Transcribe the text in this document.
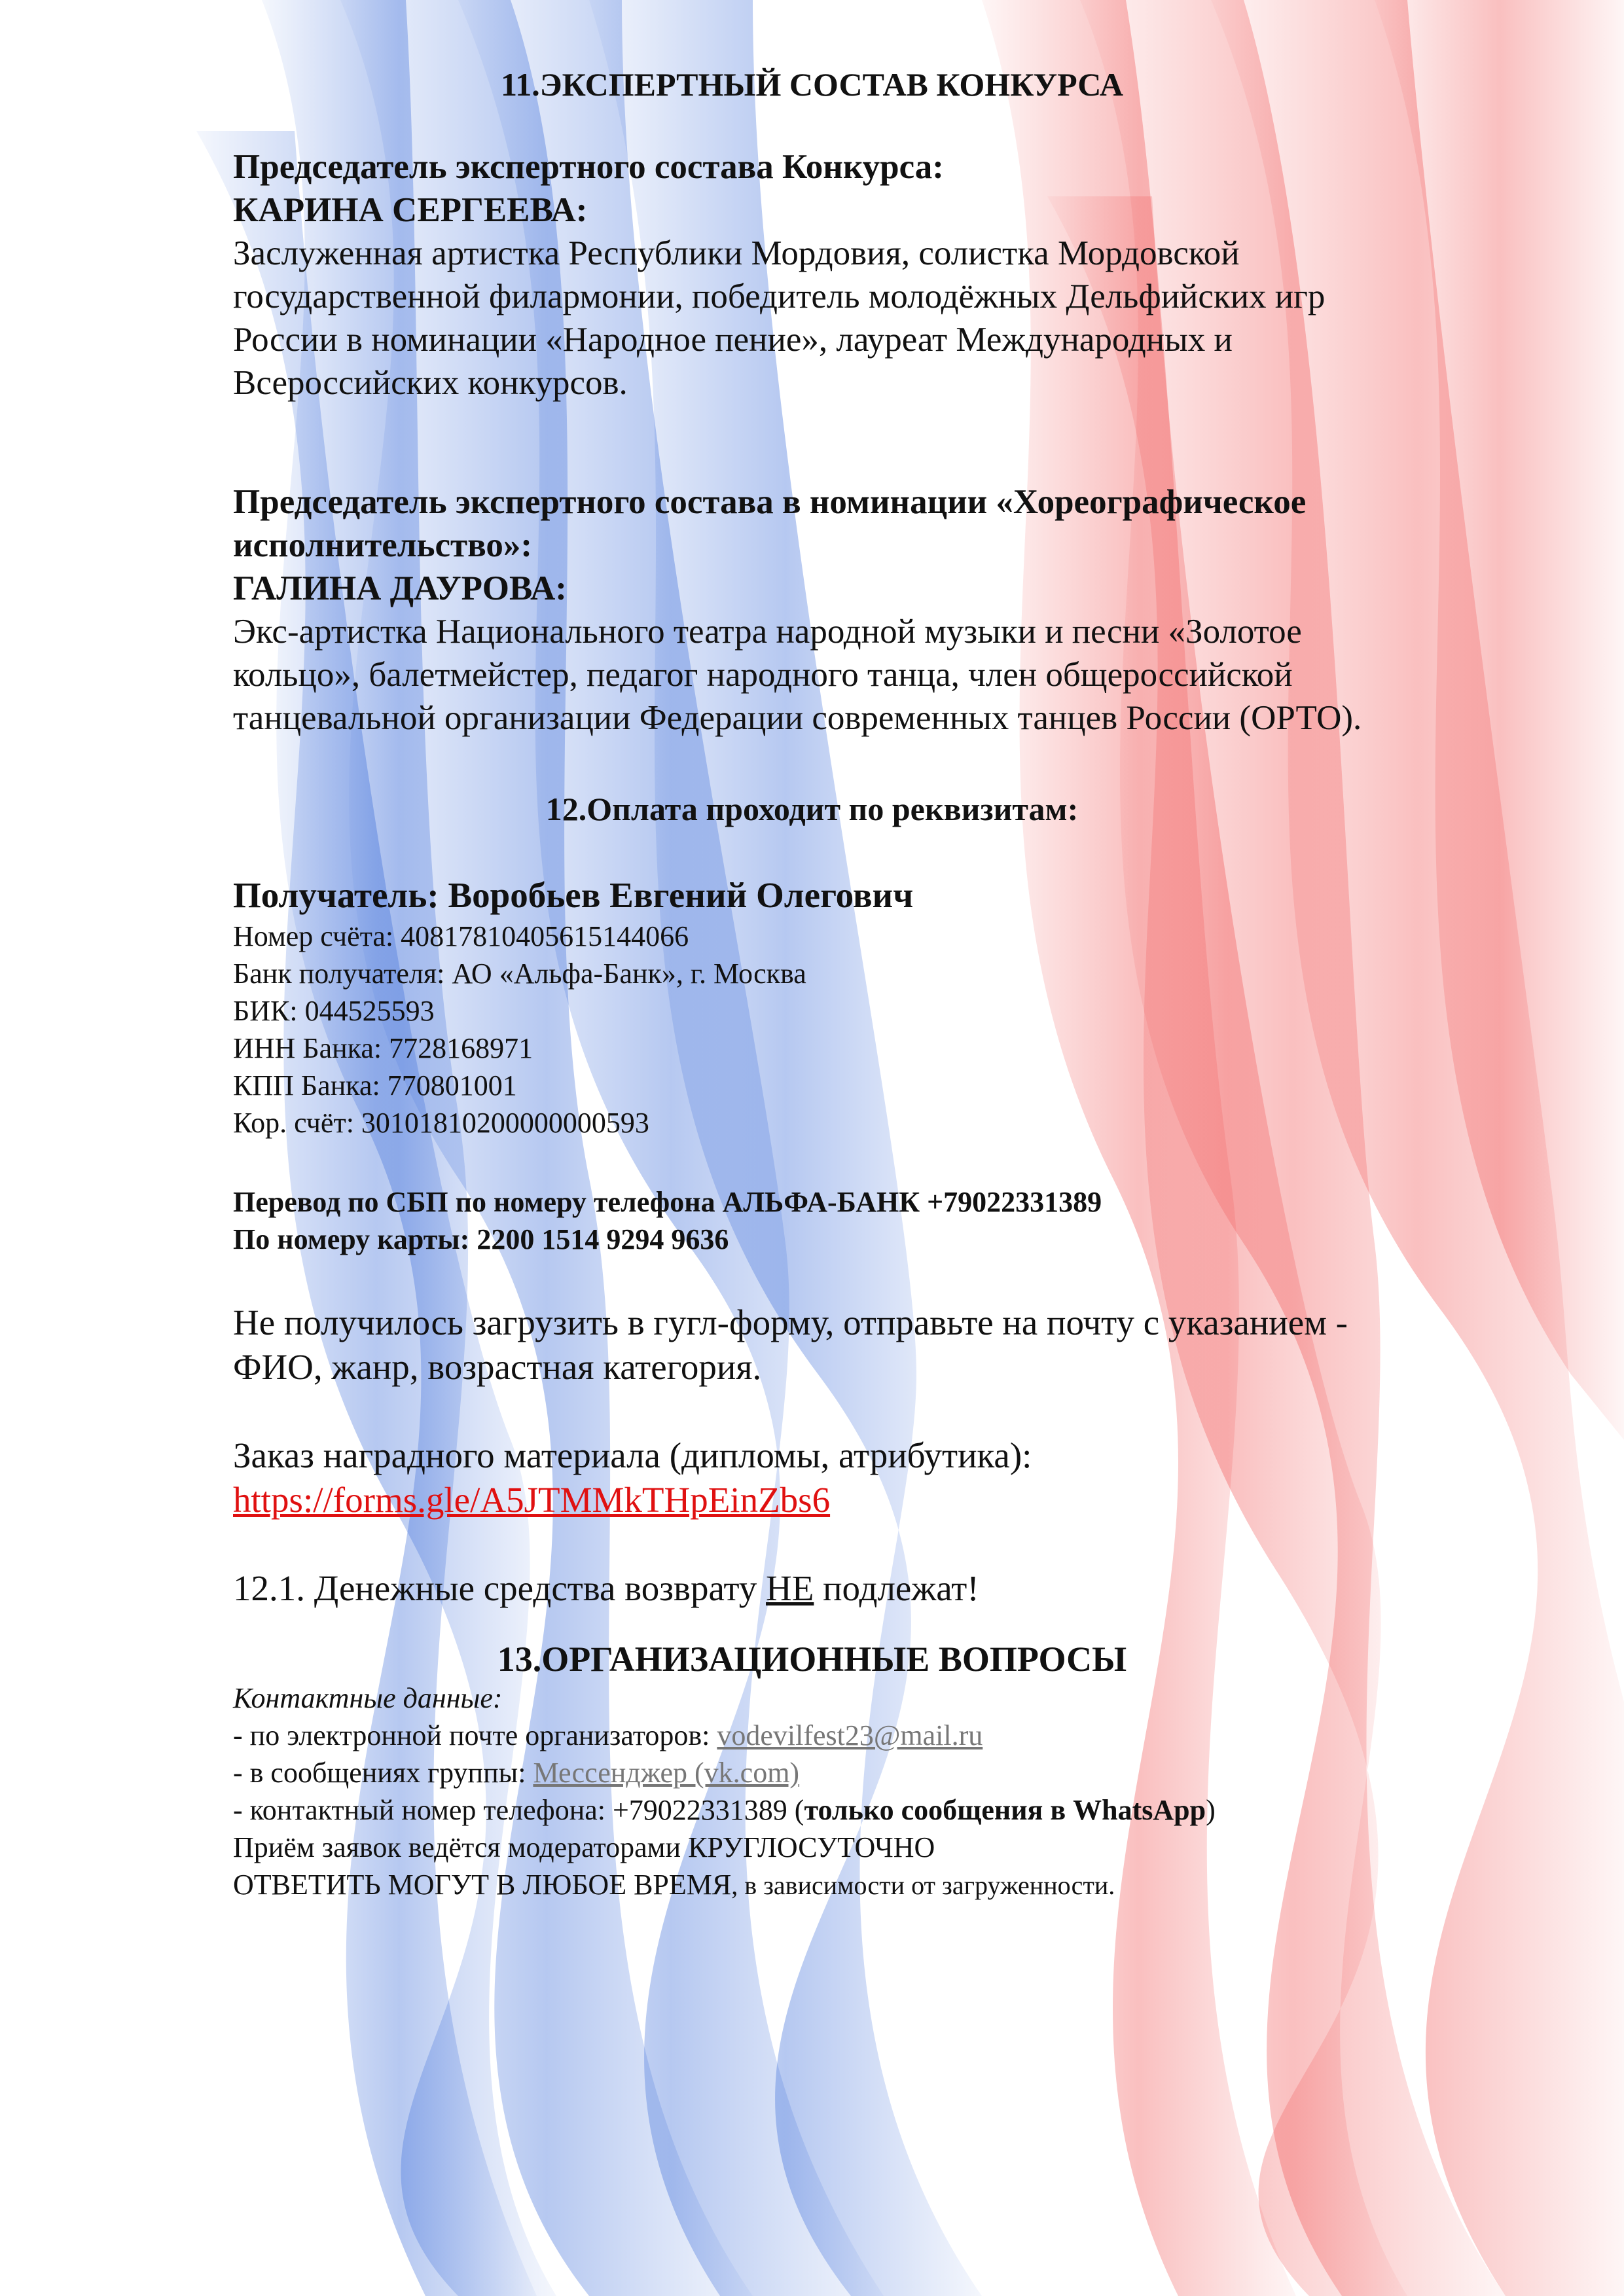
11.ЭКСПЕРТНЫЙ СОСТАВ КОНКУРСА
Председатель экспертного состава Конкурса:
КАРИНА СЕРГЕЕВА:
Заслуженная артистка Республики Мордовия, солистка Мордовской
государственной филармонии, победитель молодёжных Дельфийских игр
России в номинации «Народное пение», лауреат Международных и
Всероссийских конкурсов.
Председатель экспертного состава в номинации «Хореографическое
исполнительство»:
ГАЛИНА ДАУРОВА:
Экс-артистка Национального театра народной музыки и песни «Золотое
кольцо», балетмейстер, педагог народного танца, член общероссийской
танцевальной организации Федерации современных танцев России (ОРТО).
12.Оплата проходит по реквизитам:
Получатель: Воробьев Евгений Олегович
Номер счёта: 40817810405615144066
Банк получателя: АО «Альфа-Банк», г. Москва
БИК: 044525593
ИНН Банка: 7728168971
КПП Банка: 770801001
Кор. счёт: 30101810200000000593
Перевод по СБП по номеру телефона АЛЬФА-БАНК +79022331389
По номеру карты: 2200 1514 9294 9636
Не получилось загрузить в гугл-форму, отправьте на почту с указанием -
ФИО, жанр, возрастная категория.
Заказ наградного материала (дипломы, атрибутика):
https://forms.gle/A5JTMMkTHpEinZbs6
12.1. Денежные средства возврату НЕ подлежат!
13.ОРГАНИЗАЦИОННЫЕ ВОПРОСЫ
Контактные данные:
- по электронной почте организаторов: vodevilfest23@mail.ru
- в сообщениях группы: Мессенджер (vk.com)
- контактный номер телефона: +79022331389 (только сообщения в WhatsApp)
Приём заявок ведётся модераторами КРУГЛОСУТОЧНО
ОТВЕТИТЬ МОГУТ В ЛЮБОЕ ВРЕМЯ, в зависимости от загруженности.
